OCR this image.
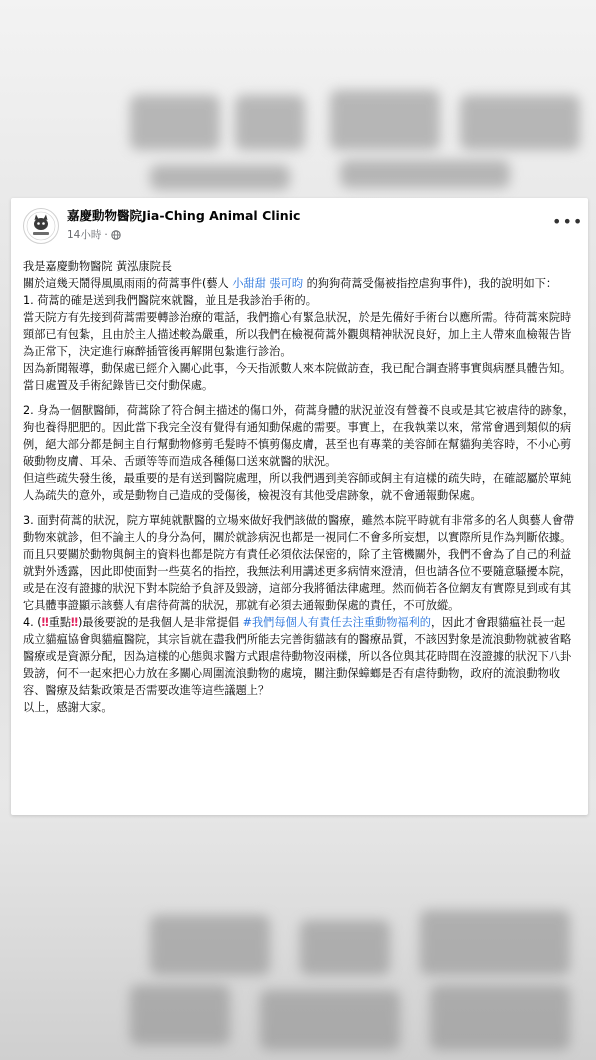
嘉慶動物醫院Jia-Ching Animal Clinic
14小時 ·
•••

我是嘉慶動物醫院 黃泓康院長

關於這幾天鬧得風風雨雨的荷蒿事件(藝人 小甜甜 張可昀 的狗狗荷蒿受傷被指控虐狗事件)，我的說明如下：

1. 荷蒿的確是送到我們醫院來就醫，並且是我診治手術的。

當天院方有先接到荷蒿需要轉診治療的電話，我們擔心有緊急狀況，於是先備好手術台以應所需。待荷蒿來院時頸部已有包紮，且由於主人描述較為嚴重，所以我們在檢視荷蒿外觀與精神狀況良好，加上主人帶來血檢報告皆為正常下，決定進行麻醉插管後再解開包紮進行診治。

因為新聞報導，動保處已經介入關心此事，今天指派數人來本院做訪查，我已配合調查將事實與病歷具體告知。當日處置及手術紀錄皆已交付動保處。

2. 身為一個獸醫師，荷蒿除了符合飼主描述的傷口外，荷蒿身體的狀況並沒有營養不良或是其它被虐待的跡象，狗也養得肥肥的。因此當下我完全沒有覺得有通知動保處的需要。事實上，在我執業以來，常常會遇到類似的病例，絕大部分都是飼主自行幫動物修剪毛髮時不慎剪傷皮膚，甚至也有專業的美容師在幫貓狗美容時，不小心剪破動物皮膚、耳朵、舌頭等等而造成各種傷口送來就醫的狀況。

但這些疏失發生後，最重要的是有送到醫院處理，所以我們遇到美容師或飼主有這樣的疏失時，在確認屬於單純人為疏失的意外，或是動物自己造成的受傷後，檢視沒有其他受虐跡象，就不會通報動保處。

3. 面對荷蒿的狀況，院方單純就獸醫的立場來做好我們該做的醫療，雖然本院平時就有非常多的名人與藝人會帶動物來就診，但不論主人的身分為何，關於就診病況也都是一視同仁不會多所妄想，以實際所見作為判斷依據。而且只要關於動物與飼主的資料也都是院方有責任必須依法保密的，除了主管機關外，我們不會為了自己的利益就對外透露，因此即使面對一些莫名的指控，我無法利用講述更多病情來澄清，但也請各位不要隨意騷擾本院，或是在沒有證據的狀況下對本院給予負評及毀謗，這部分我將循法律處理。然而倘若各位網友有實際見到或有其它具體事證顯示該藝人有虐待荷蒿的狀況，那就有必須去通報動保處的責任，不可放縱。

4. (‼重點‼)最後要說的是我個人是非常提倡 #我們每個人有責任去注重動物福利的，因此才會跟貓瘟社長一起成立貓瘟協會與貓瘟醫院，其宗旨就在盡我們所能去完善街貓該有的醫療品質，不該因對象是流浪動物就被省略醫療或是資源分配，因為這樣的心態與求醫方式跟虐待動物沒兩樣，所以各位與其花時間在沒證據的狀況下八卦毀謗，何不一起來把心力放在多關心周圍流浪動物的處境，關注動保蟑螂是否有虐待動物，政府的流浪動物收容、醫療及結紮政策是否需要改進等這些議題上？

以上，感謝大家。
